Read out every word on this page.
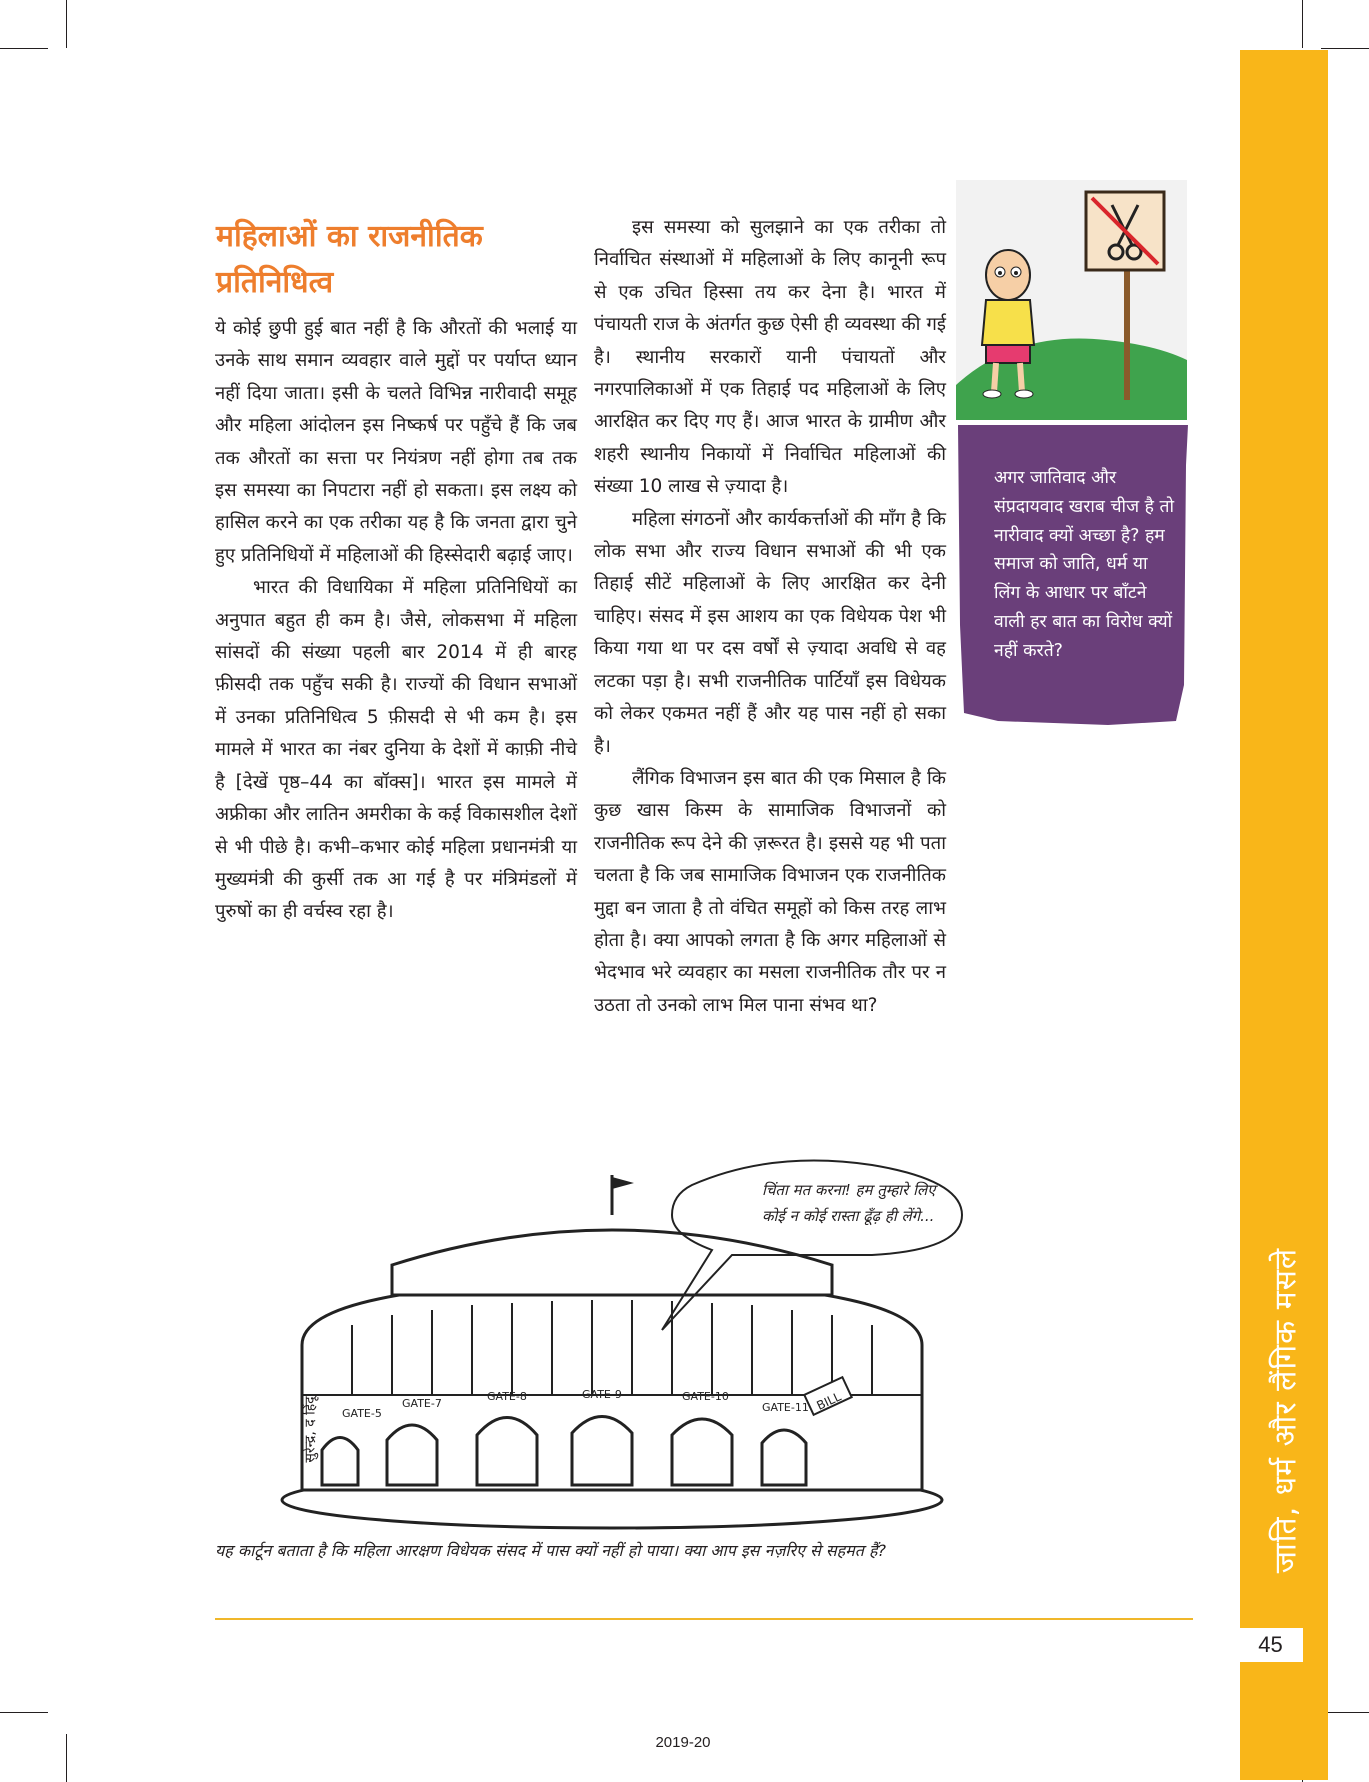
जाति, धर्म और लैंगिक मसले
45
महिलाओं का राजनीतिक
प्रतिनिधित्व

ये कोई छुपी हुई बात नहीं है कि औरतों की भलाई या उनके साथ समान व्यवहार वाले मुद्दों पर पर्याप्त ध्यान नहीं दिया जाता। इसी के चलते विभिन्न नारीवादी समूह और महिला आंदोलन इस निष्कर्ष पर पहुँचे हैं कि जब तक औरतों का सत्ता पर नियंत्रण नहीं होगा तब तक इस समस्या का निपटारा नहीं हो सकता। इस लक्ष्य को हासिल करने का एक तरीका यह है कि जनता द्वारा चुने हुए प्रतिनिधियों में महिलाओं की हिस्सेदारी बढ़ाई जाए।

भारत की विधायिका में महिला प्रतिनिधियों का अनुपात बहुत ही कम है। जैसे, लोकसभा में महिला सांसदों की संख्या पहली बार 2014 में ही बारह फ़ीसदी तक पहुँच सकी है। राज्यों की विधान सभाओं में उनका प्रतिनिधित्व 5 फ़ीसदी से भी कम है। इस मामले में भारत का नंबर दुनिया के देशों में काफ़ी नीचे है [देखें पृष्ठ–44 का बॉक्स]। भारत इस मामले में अफ्रीका और लातिन अमरीका के कई विकासशील देशों से भी पीछे है। कभी–कभार कोई महिला प्रधानमंत्री या मुख्यमंत्री की कुर्सी तक आ गई है पर मंत्रिमंडलों में पुरुषों का ही वर्चस्व रहा है।

इस समस्या को सुलझाने का एक तरीका तो निर्वाचित संस्थाओं में महिलाओं के लिए कानूनी रूप से एक उचित हिस्सा तय कर देना है। भारत में पंचायती राज के अंतर्गत कुछ ऐसी ही व्यवस्था की गई है। स्थानीय सरकारों यानी पंचायतों और नगरपालिकाओं में एक तिहाई पद महिलाओं के लिए आरक्षित कर दिए गए हैं। आज भारत के ग्रामीण और शहरी स्थानीय निकायों में निर्वाचित महिलाओं की संख्या 10 लाख से ज़्यादा है।

महिला संगठनों और कार्यकर्त्ताओं की माँग है कि लोक सभा और राज्य विधान सभाओं की भी एक तिहाई सीटें महिलाओं के लिए आरक्षित कर देनी चाहिए। संसद में इस आशय का एक विधेयक पेश भी किया गया था पर दस वर्षों से ज़्यादा अवधि से वह लटका पड़ा है। सभी राजनीतिक पार्टियाँ इस विधेयक को लेकर एकमत नहीं हैं और यह पास नहीं हो सका है।

लैंगिक विभाजन इस बात की एक मिसाल है कि कुछ खास किस्म के सामाजिक विभाजनों को राजनीतिक रूप देने की ज़रूरत है। इससे यह भी पता चलता है कि जब सामाजिक विभाजन एक राजनीतिक मुद्दा बन जाता है तो वंचित समूहों को किस तरह लाभ होता है। क्या आपको लगता है कि अगर महिलाओं से भेदभाव भरे व्यवहार का मसला राजनीतिक तौर पर न उठता तो उनको लाभ मिल पाना संभव था?

अगर जातिवाद और संप्रदायवाद खराब चीज है तो नारीवाद क्यों अच्छा है? हम समाज को जाति, धर्म या लिंग के आधार पर बाँटने वाली हर बात का विरोध क्यों नहीं करते?

GATE-5
GATE-7
GATE-8	GATE-9	GATE-10
GATE-11 BILL

चिंता मत करना! हम तुम्हारे लिए कोई न कोई रास्ता ढूँढ़ ही लेंगे...

सुरेन्द्र, द हिंदू

यह कार्टून बताता है कि महिला आरक्षण विधेयक संसद में पास क्यों नहीं हो पाया। क्या आप इस नज़रिए से सहमत हैं?

2019-20
